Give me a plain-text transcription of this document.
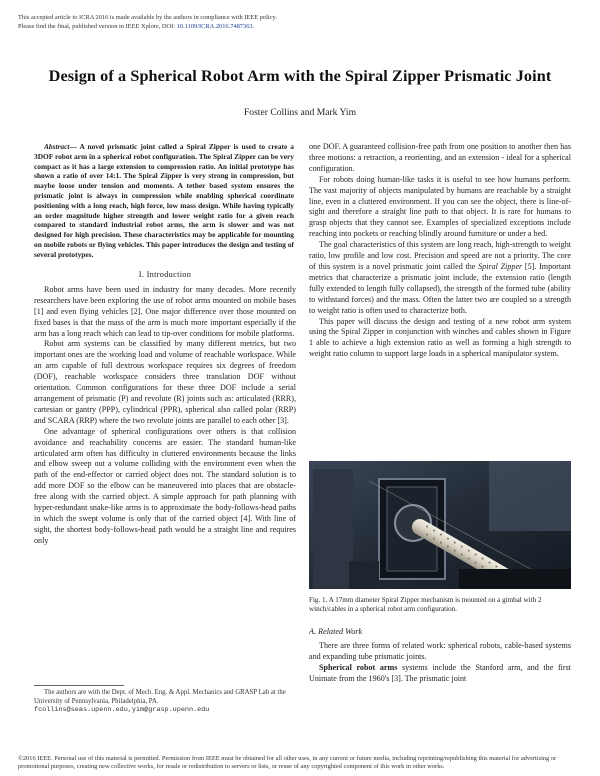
This accepted article to ICRA 2016 is made available by the authors in compliance with IEEE policy.
Please find the final, published version in IEEE Xplore, DOI: 10.1109/ICRA.2016.7487363.
Design of a Spherical Robot Arm with the Spiral Zipper Prismatic Joint
Foster Collins and Mark Yim
Abstract— A novel prismatic joint called a Spiral Zipper is used to create a 3DOF robot arm in a spherical robot configuration. The Spiral Zipper can be very compact as it has a large extension to compression ratio. An initial prototype has shown a ratio of over 14:1. The Spiral Zipper is very strong in compression, but maybe loose under tension and moments. A tether based system ensures the prismatic joint is always in compression while enabling spherical coordinate positioning with a long reach, high force, low mass design. While having typically an order magnitude higher strength and lower weight ratio for a given reach compared to standard industrial robot arms, the arm is slower and was not designed for high precision. These characteristics may be applicable for mounting on mobile robots or flying vehicles. This paper introduces the design and testing of several prototypes.

I. Introduction

Robot arms have been used in industry for many decades. More recently researchers have been exploring the use of robot arms mounted on mobile bases [1] and even flying vehicles [2]. One major difference over those mounted on fixed bases is that the mass of the arm is much more important especially if the arm has a long reach which can lead to tip-over conditions for mobile platforms.

Robot arm systems can be classified by many different metrics, but two important ones are the working load and volume of reachable workspace. While an arm capable of full dextrous workspace requires six degrees of freedom (DOF), reachable workspace considers three translation DOF without orientation. Common configurations for these three DOF include a serial arrangement of prismatic (P) and revolute (R) joints such as: articulated (RRR), cartesian or gantry (PPP), cylindrical (PPR), spherical also called polar (RRP) and SCARA (RRP) where the two revolute joints are parallel to each other [3].

One advantage of spherical configurations over others is that collision avoidance and reachability concerns are easier. The standard human-like articulated arm often has difficulty in cluttered environments because the links and elbow sweep out a volume colliding with the environment even when the path of the end-effector or carried object does not. The standard solution is to add more DOF so the elbow can be maneuvered into places that are obstacle-free along with the carried object. A simple approach for path planning with hyper-redundant snake-like arms is to approximate the body-follows-head paths in which the swept volume is only that of the carried object [4]. With line of sight, the shortest body-follows-head path would be a straight line and requires only

The authors are with the Dept. of Mech. Eng. & Appl. Mechanics and GRASP Lab at the University of Pennsylvania, Philadelphia, PA.
fcollins@seas.upenn.edu,yim@grasp.upenn.edu

one DOF. A guaranteed collision-free path from one position to another then has three motions: a retraction, a reorienting, and an extension - ideal for a spherical configuration.

For robots doing human-like tasks it is useful to see how humans perform. The vast majority of objects manipulated by humans are reachable by a straight line, even in a cluttered environment. If you can see the object, there is line-of-sight and therefore a straight line path to that object. It is rare for humans to grasp objects that they cannot see. Examples of specialized exceptions include reaching into pockets or reaching blindly around furniture or under a bed.

The goal characteristics of this system are long reach, high-strength to weight ratio, low profile and low cost. Precision and speed are not a priority. The core of this system is a novel prismatic joint called the Spiral Zipper [5]. Important metrics that characterize a prismatic joint include, the extension ratio (length fully extended to length fully collapsed), the strength of the formed tube (ability to withstand forces) and the mass. Often the latter two are coupled so a strength to weight ratio is often used to characterize both.

This paper will discuss the design and testing of a new robot arm system using the Spiral Zipper in conjunction with winches and cables shown in Figure 1 able to achieve a high extension ratio as well as forming a high strength to weight ratio column to support large loads in a spherical manipulator system.

Fig. 1. A 17mm diameter Spiral Zipper mechanism is mounted on a gimbal with 2 winch/cables in a spherical robot arm configuration.

A. Related Work

There are three forms of related work: spherical robots, cable-based systems and expanding tube prismatic joints.

Spherical robot arms systems include the Stanford arm, and the first Unimate from the 1960's [3]. The prismatic joint

©2016 IEEE. Personal use of this material is permitted. Permission from IEEE must be obtained for all other uses, in any current or future media, including reprinting/republishing this material for advertising or promotional purposes, creating new collective works, for resale or redistribution to servers or lists, or reuse of any copyrighted component of this work in other works.
